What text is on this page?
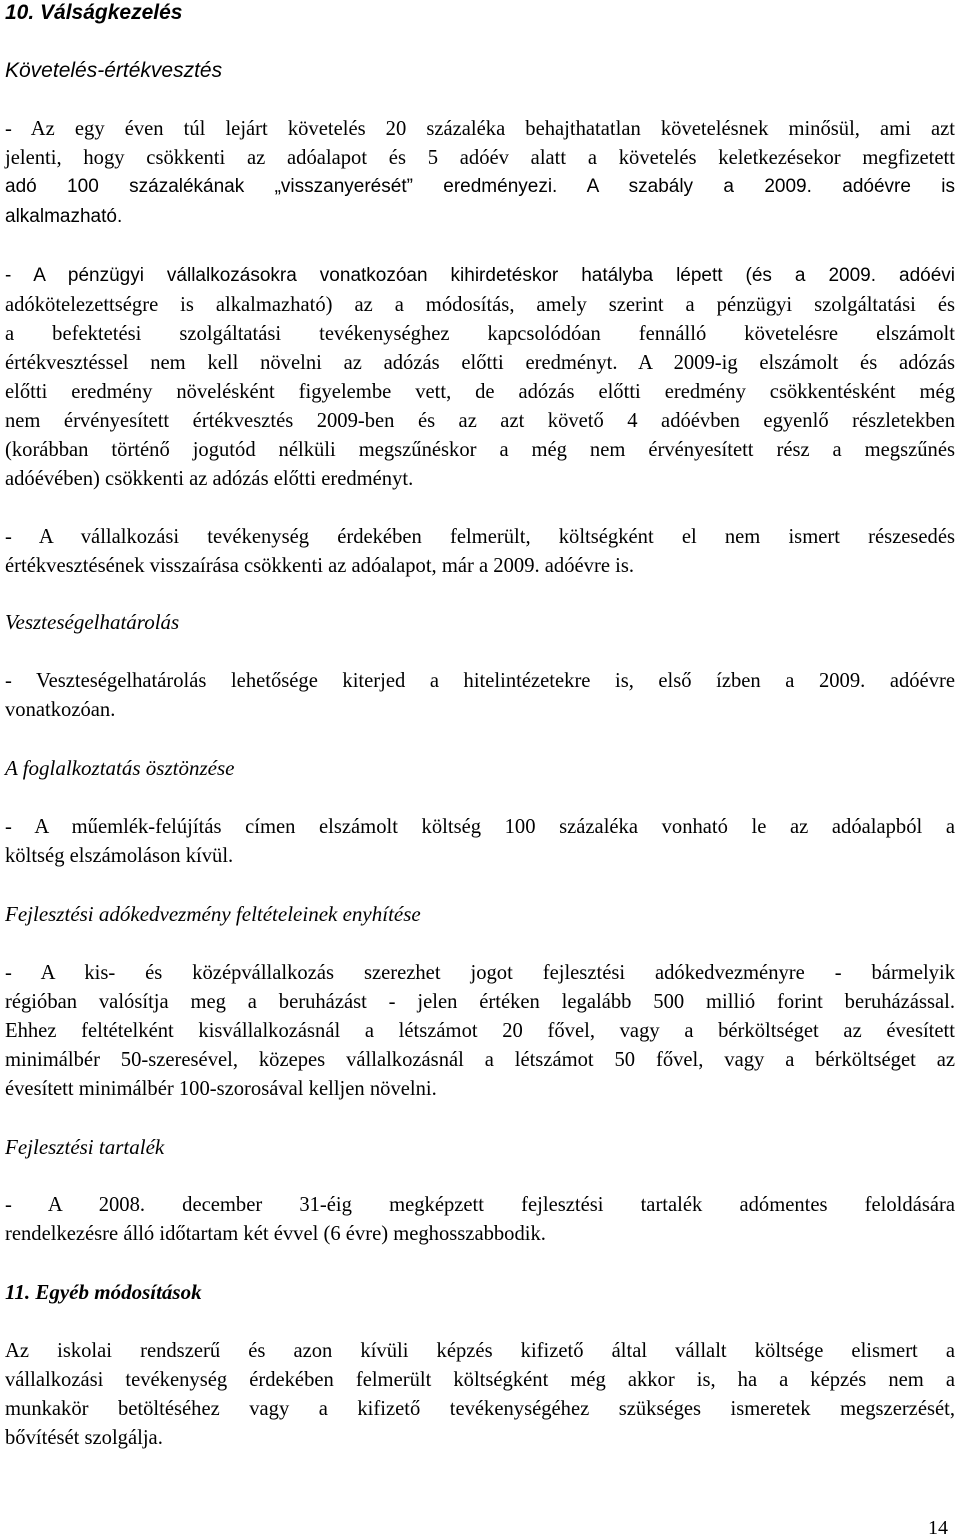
10. Válságkezelés
Követelés-értékvesztés
- Az egy éven túl lejárt követelés 20 százaléka behajthatatlan követelésnek minősül, ami azt
jelenti, hogy csökkenti az adóalapot és 5 adóév alatt a követelés keletkezésekor megfizetett
adó 100 százalékának „visszanyerését” eredményezi. A szabály a 2009. adóévre is
alkalmazható.
- A pénzügyi vállalkozásokra vonatkozóan kihirdetéskor hatályba lépett (és a 2009. adóévi
adókötelezettségre is alkalmazható) az a módosítás, amely szerint a pénzügyi szolgáltatási és
a befektetési szolgáltatási tevékenységhez kapcsolódóan fennálló követelésre elszámolt
értékvesztéssel nem kell növelni az adózás előtti eredményt. A 2009-ig elszámolt és adózás
előtti eredmény növelésként figyelembe vett, de adózás előtti eredmény csökkentésként még
nem érvényesített értékvesztés 2009-ben és az azt követő 4 adóévben egyenlő részletekben
(korábban történő jogutód nélküli megszűnéskor a még nem érvényesített rész a megszűnés
adóévében) csökkenti az adózás előtti eredményt.
- A vállalkozási tevékenység érdekében felmerült, költségként el nem ismert részesedés
értékvesztésének visszaírása csökkenti az adóalapot, már a 2009. adóévre is.
Veszteségelhatárolás
- Veszteségelhatárolás lehetősége kiterjed a hitelintézetekre is, első ízben a 2009. adóévre
vonatkozóan.
A foglalkoztatás ösztönzése
- A műemlék-felújítás címen elszámolt költség 100 százaléka vonható le az adóalapból a
költség elszámoláson kívül.
Fejlesztési adókedvezmény feltételeinek enyhítése
- A kis- és középvállalkozás szerezhet jogot fejlesztési adókedvezményre - bármelyik
régióban valósítja meg a beruházást - jelen értéken legalább 500 millió forint beruházással.
Ehhez feltételként kisvállalkozásnál a létszámot 20 fővel, vagy a bérköltséget az évesített
minimálbér 50-szeresével, közepes vállalkozásnál a létszámot 50 fővel, vagy a bérköltséget az
évesített minimálbér 100-szorosával kelljen növelni.
Fejlesztési tartalék
- A 2008. december 31-éig megképzett fejlesztési tartalék adómentes feloldására
rendelkezésre álló időtartam két évvel (6 évre) meghosszabbodik.
11. Egyéb módosítások
Az iskolai rendszerű és azon kívüli képzés kifizető által vállalt költsége elismert a
vállalkozási tevékenység érdekében felmerült költségként még akkor is, ha a képzés nem a
munkakör betöltéséhez vagy a kifizető tevékenységéhez szükséges ismeretek megszerzését,
bővítését szolgálja.
14
